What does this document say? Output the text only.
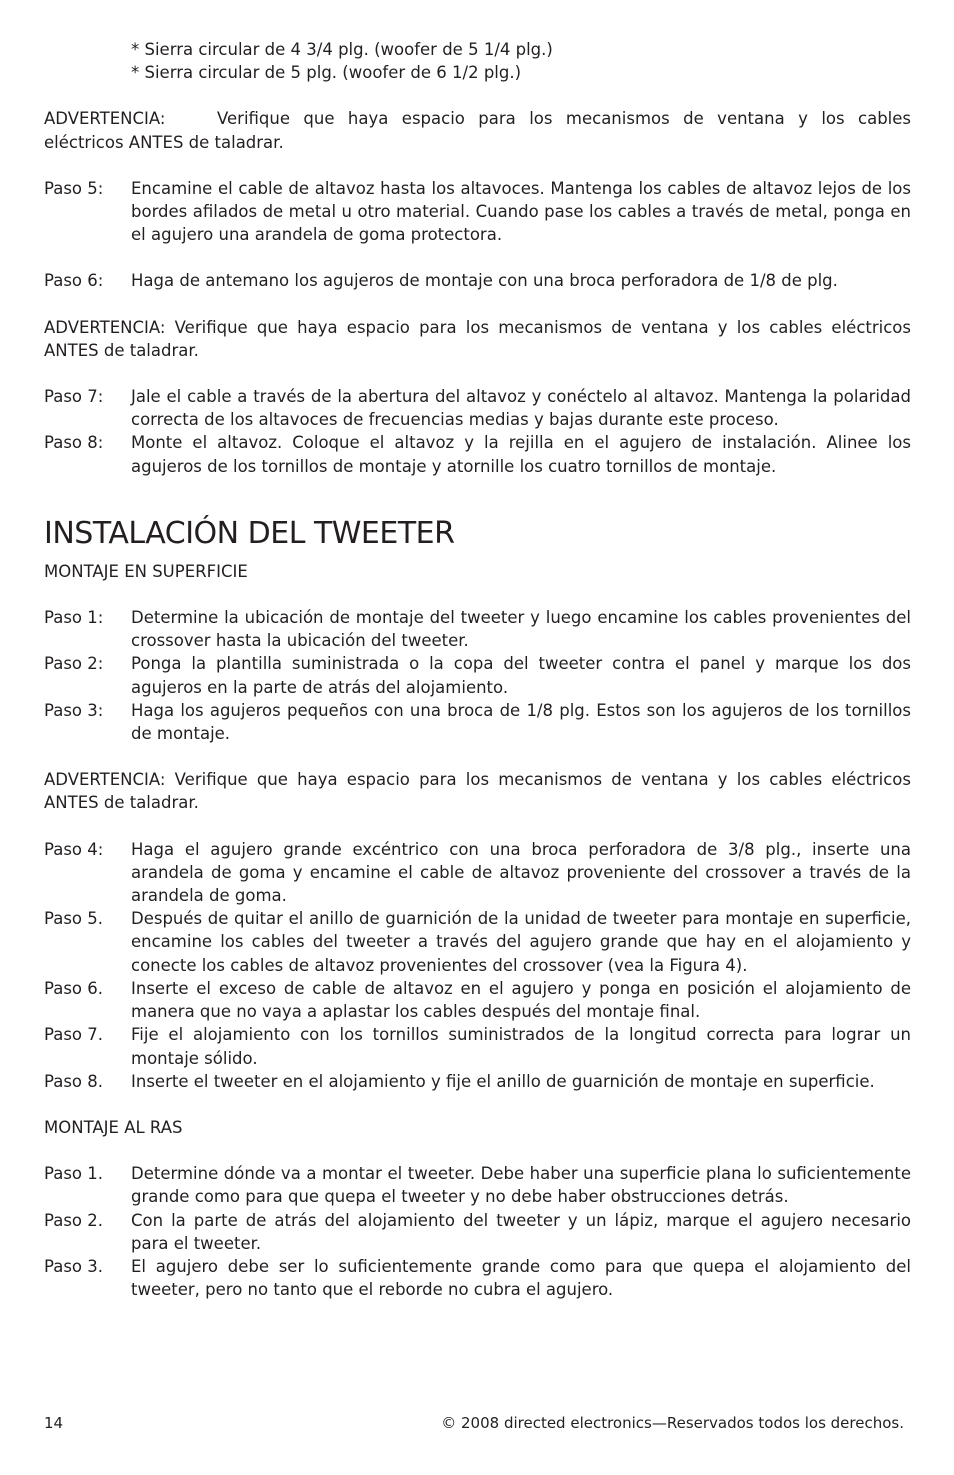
* Sierra circular de 4 3/4 plg. (woofer de 5 1/4 plg.)
* Sierra circular de 5 plg. (woofer de 6 1/2 plg.)
ADVERTENCIA:	Verifique que haya espacio para los mecanismos de ventana y los cables
eléctricos ANTES de taladrar.
Paso 5:	Encamine el cable de altavoz hasta los altavoces. Mantenga los cables de altavoz lejos de los bordes afilados de metal u otro material. Cuando pase los cables a través de metal, ponga en el agujero una arandela de goma protectora.
Paso 6:	Haga de antemano los agujeros de montaje con una broca perforadora de 1/8 de plg.

ADVERTENCIA: Verifique que haya espacio para los mecanismos de ventana y los cables eléctricos ANTES de taladrar.

Paso 7:	Jale el cable a través de la abertura del altavoz y conéctelo al altavoz. Mantenga la polaridad correcta de los altavoces de frecuencias medias y bajas durante este proceso.
Paso 8:	Monte el altavoz. Coloque el altavoz y la rejilla en el agujero de instalación. Alinee los agujeros de los tornillos de montaje y atornille los cuatro tornillos de montaje.
INSTALACIÓN DEL TWEETER
MONTAJE EN SUPERFICIE
Paso 1:	Determine la ubicación de montaje del tweeter y luego encamine los cables provenientes del crossover hasta la ubicación del tweeter.
Paso 2:	Ponga la plantilla suministrada o la copa del tweeter contra el panel y marque los dos agujeros en la parte de atrás del alojamiento.
Paso 3:	Haga los agujeros pequeños con una broca de 1/8 plg. Estos son los agujeros de los tornillos de montaje.

ADVERTENCIA: Verifique que haya espacio para los mecanismos de ventana y los cables eléctricos ANTES de taladrar.

Paso 4:	Haga el agujero grande excéntrico con una broca perforadora de 3/8 plg., inserte una arandela de goma y encamine el cable de altavoz proveniente del crossover a través de la arandela de goma.
Paso 5.	Después de quitar el anillo de guarnición de la unidad de tweeter para montaje en superficie, encamine los cables del tweeter a través del agujero grande que hay en el alojamiento y conecte los cables de altavoz provenientes del crossover (vea la Figura 4).
Paso 6.	Inserte el exceso de cable de altavoz en el agujero y ponga en posición el alojamiento de manera que no vaya a aplastar los cables después del montaje final.
Paso 7.	Fije el alojamiento con los tornillos suministrados de la longitud correcta para lograr un montaje sólido.
Paso 8.	Inserte el tweeter en el alojamiento y fije el anillo de guarnición de montaje en superficie.
MONTAJE AL RAS
Paso 1.	Determine dónde va a montar el tweeter. Debe haber una superficie plana lo suficientemente grande como para que quepa el tweeter y no debe haber obstrucciones detrás.
Paso 2.	Con la parte de atrás del alojamiento del tweeter y un lápiz, marque el agujero necesario para el tweeter.
Paso 3.	El agujero debe ser lo suficientemente grande como para que quepa el alojamiento del tweeter, pero no tanto que el reborde no cubra el agujero.
14	© 2008 directed electronics—Reservados todos los derechos.
